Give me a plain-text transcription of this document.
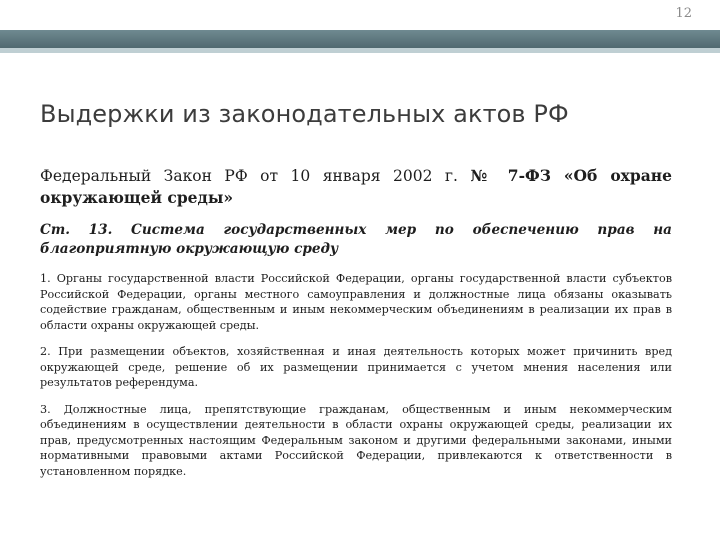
12
Выдержки из законодательных актов РФ

Федеральный Закон РФ от 10 января 2002 г. № 7-ФЗ «Об охране окружающей среды»

Ст. 13. Система государственных мер по обеспечению прав на благоприятную окружающую среду

1. Органы государственной власти Российской Федерации, органы государственной власти субъектов Российской Федерации, органы местного самоуправления и должностные лица обязаны оказывать содействие гражданам, общественным и иным некоммерческим объединениям в реализации их прав в области охраны окружающей среды.

2. При размещении объектов, хозяйственная и иная деятельность которых может причинить вред окружающей среде, решение об их размещении принимается с учетом мнения населения или результатов референдума.

3. Должностные лица, препятствующие гражданам, общественным и иным некоммерческим объединениям в осуществлении деятельности в области охраны окружающей среды, реализации их прав, предусмотренных настоящим Федеральным законом и другими федеральными законами, иными нормативными правовыми актами Российской Федерации, привлекаются к ответственности в установленном порядке.
